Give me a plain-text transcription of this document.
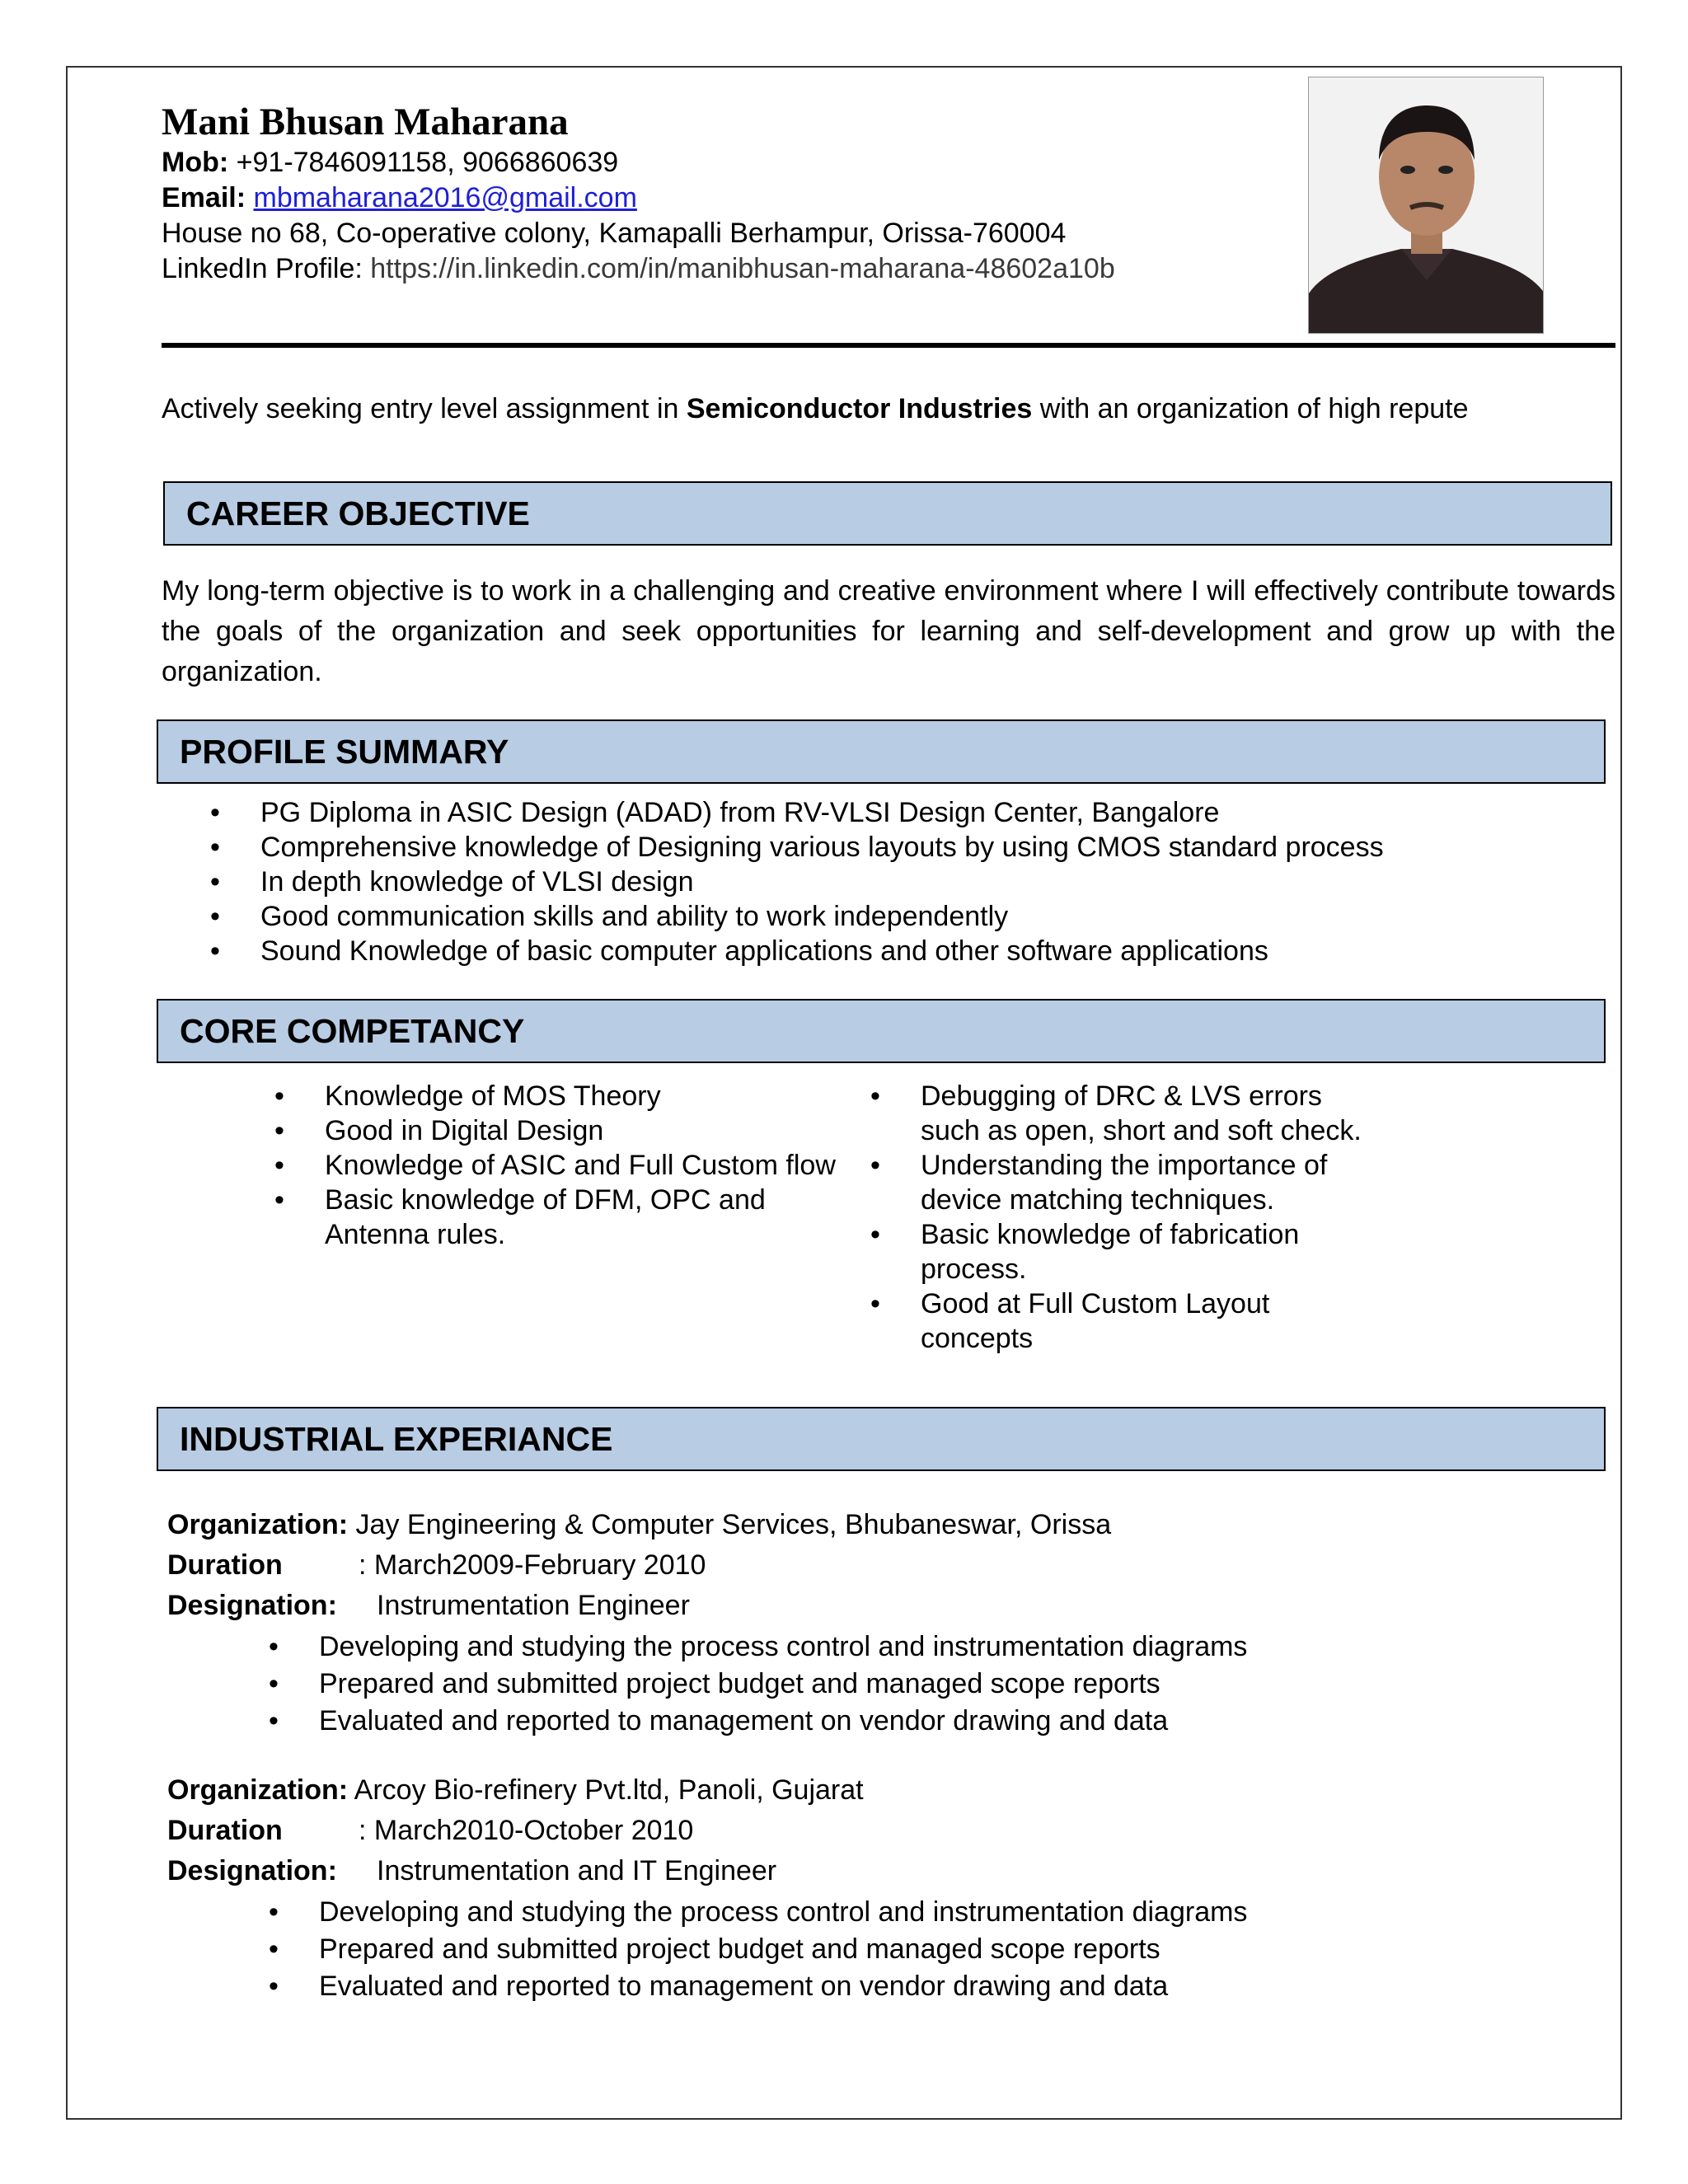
Mani Bhusan Maharana
Mob: +91-7846091158, 9066860639
Email: mbmaharana2016@gmail.com
House no 68, Co-operative colony, Kamapalli Berhampur, Orissa-760004
LinkedIn Profile: https://in.linkedin.com/in/manibhusan-maharana-48602a10b
Actively seeking entry level assignment in Semiconductor Industries with an organization of high repute
CAREER OBJECTIVE
My long-term objective is to work in a challenging and creative environment where I will effectively contribute towards the goals of the organization and seek opportunities for learning and self-development and grow up with the organization.
PROFILE SUMMARY
• PG Diploma in ASIC Design (ADAD) from RV-VLSI Design Center, Bangalore
• Comprehensive knowledge of Designing various layouts by using CMOS standard process
• In depth knowledge of VLSI design
• Good communication skills and ability to work independently
• Sound Knowledge of basic computer applications and other software applications
CORE COMPETANCY
• Knowledge of MOS Theory
• Good in Digital Design
• Knowledge of ASIC and Full Custom flow
• Basic knowledge of DFM, OPC and Antenna rules.
• Debugging of DRC & LVS errors such as open, short and soft check.
• Understanding the importance of device matching techniques.
• Basic knowledge of fabrication process.
• Good at Full Custom Layout concepts
INDUSTRIAL EXPERIANCE
Organization: Jay Engineering & Computer Services, Bhubaneswar, Orissa
Duration	: March2009-February 2010
Designation: Instrumentation Engineer
• Developing and studying the process control and instrumentation diagrams
• Prepared and submitted project budget and managed scope reports
• Evaluated and reported to management on vendor drawing and data
Organization: Arcoy Bio-refinery Pvt.ltd, Panoli, Gujarat
Duration	: March2010-October 2010
Designation: Instrumentation and IT Engineer
• Developing and studying the process control and instrumentation diagrams
• Prepared and submitted project budget and managed scope reports
• Evaluated and reported to management on vendor drawing and data
